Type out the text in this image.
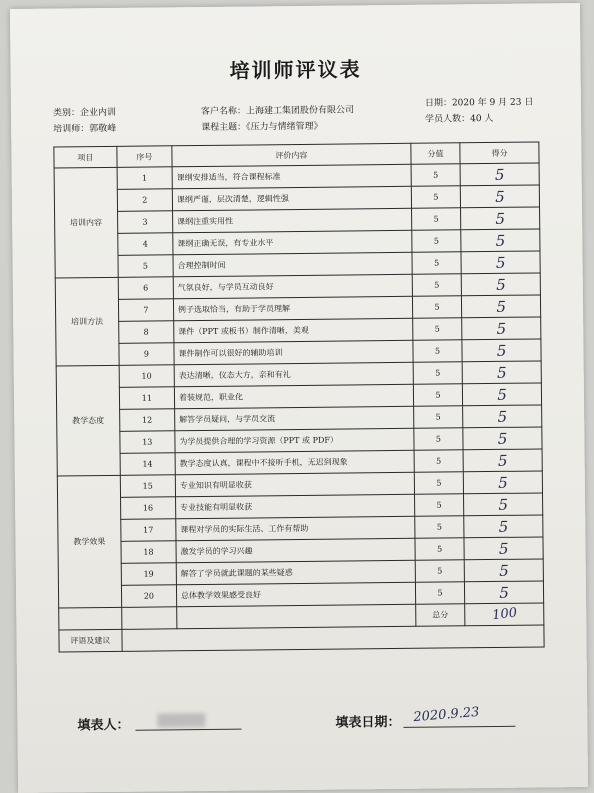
培训师评议表
类别：企业内训
培训师：郭敬峰
客户名称：上海建工集团股份有限公司
课程主题：《压力与情绪管理》
日期：2020 年 9 月 23 日
学员人数：40 人
项目	序号	评价内容	分值	得分
培训内容	1	课纲安排适当，符合课程标准	5	5
	2	课纲严谨，层次清楚，逻辑性强	5	5
	3	课纲注重实用性	5	5
	4	课纲正确无误，有专业水平	5	5
	5	合理控制时间	5	5
培训方法	6	气氛良好，与学员互动良好	5	5
	7	例子选取恰当，有助于学员理解	5	5
	8	课件（PPT 或板书）制作清晰，美观	5	5
	9	课件制作可以很好的辅助培训	5	5
教学态度	10	表达清晰，仪态大方，亲和有礼	5	5
	11	着装规范，职业化	5	5
	12	解答学员疑问，与学员交流	5	5
	13	为学员提供合理的学习资源（PPT 或 PDF）	5	5
	14	教学态度认真，课程中不接听手机，无迟到现象	5	5
教学效果	15	专业知识有明显收获	5	5
	16	专业技能有明显收获	5	5
	17	课程对学员的实际生活、工作有帮助	5	5
	18	激发学员的学习兴趣	5	5
	19	解答了学员就此课题的某些疑惑	5	5
	20	总体教学效果感受良好	5	5
			总分	100
评语及建议				
填表人：	填表日期： 2020.9.23
